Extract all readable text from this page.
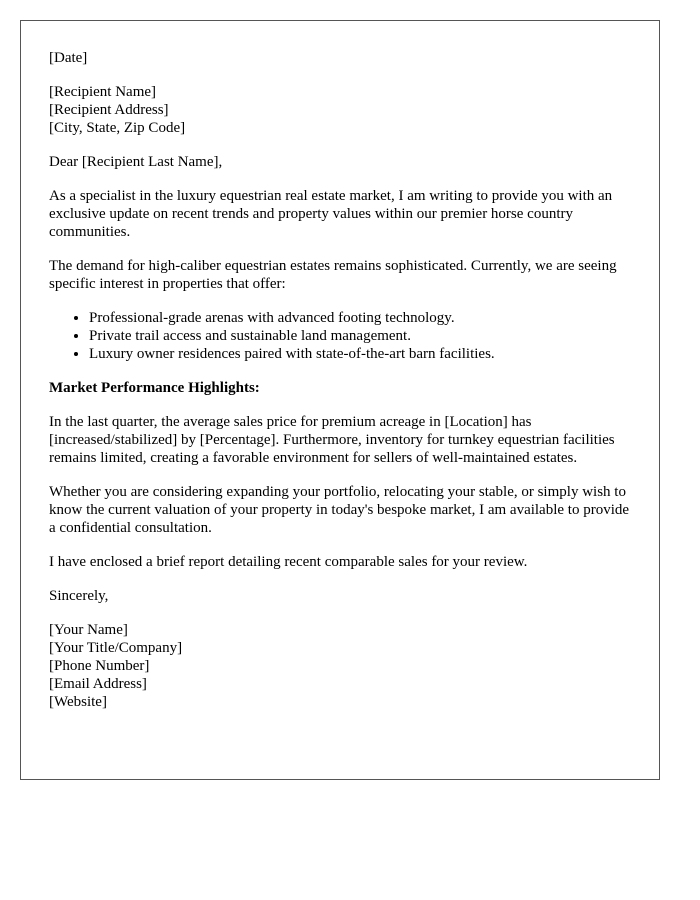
[Date]
[Recipient Name]
[Recipient Address]
[City, State, Zip Code]

Dear [Recipient Last Name],

As a specialist in the luxury equestrian real estate market, I am writing to provide you with an exclusive update on recent trends and property values within our premier horse country communities.

The demand for high-caliber equestrian estates remains sophisticated. Currently, we are seeing specific interest in properties that offer:

• Professional-grade arenas with advanced footing technology.
• Private trail access and sustainable land management.
• Luxury owner residences paired with state-of-the-art barn facilities.

Market Performance Highlights:

In the last quarter, the average sales price for premium acreage in [Location] has [increased/stabilized] by [Percentage]. Furthermore, inventory for turnkey equestrian facilities remains limited, creating a favorable environment for sellers of well-maintained estates.

Whether you are considering expanding your portfolio, relocating your stable, or simply wish to know the current valuation of your property in today's bespoke market, I am available to provide a confidential consultation.

I have enclosed a brief report detailing recent comparable sales for your review.

Sincerely,

[Your Name]
[Your Title/Company]
[Phone Number]
[Email Address]
[Website]
